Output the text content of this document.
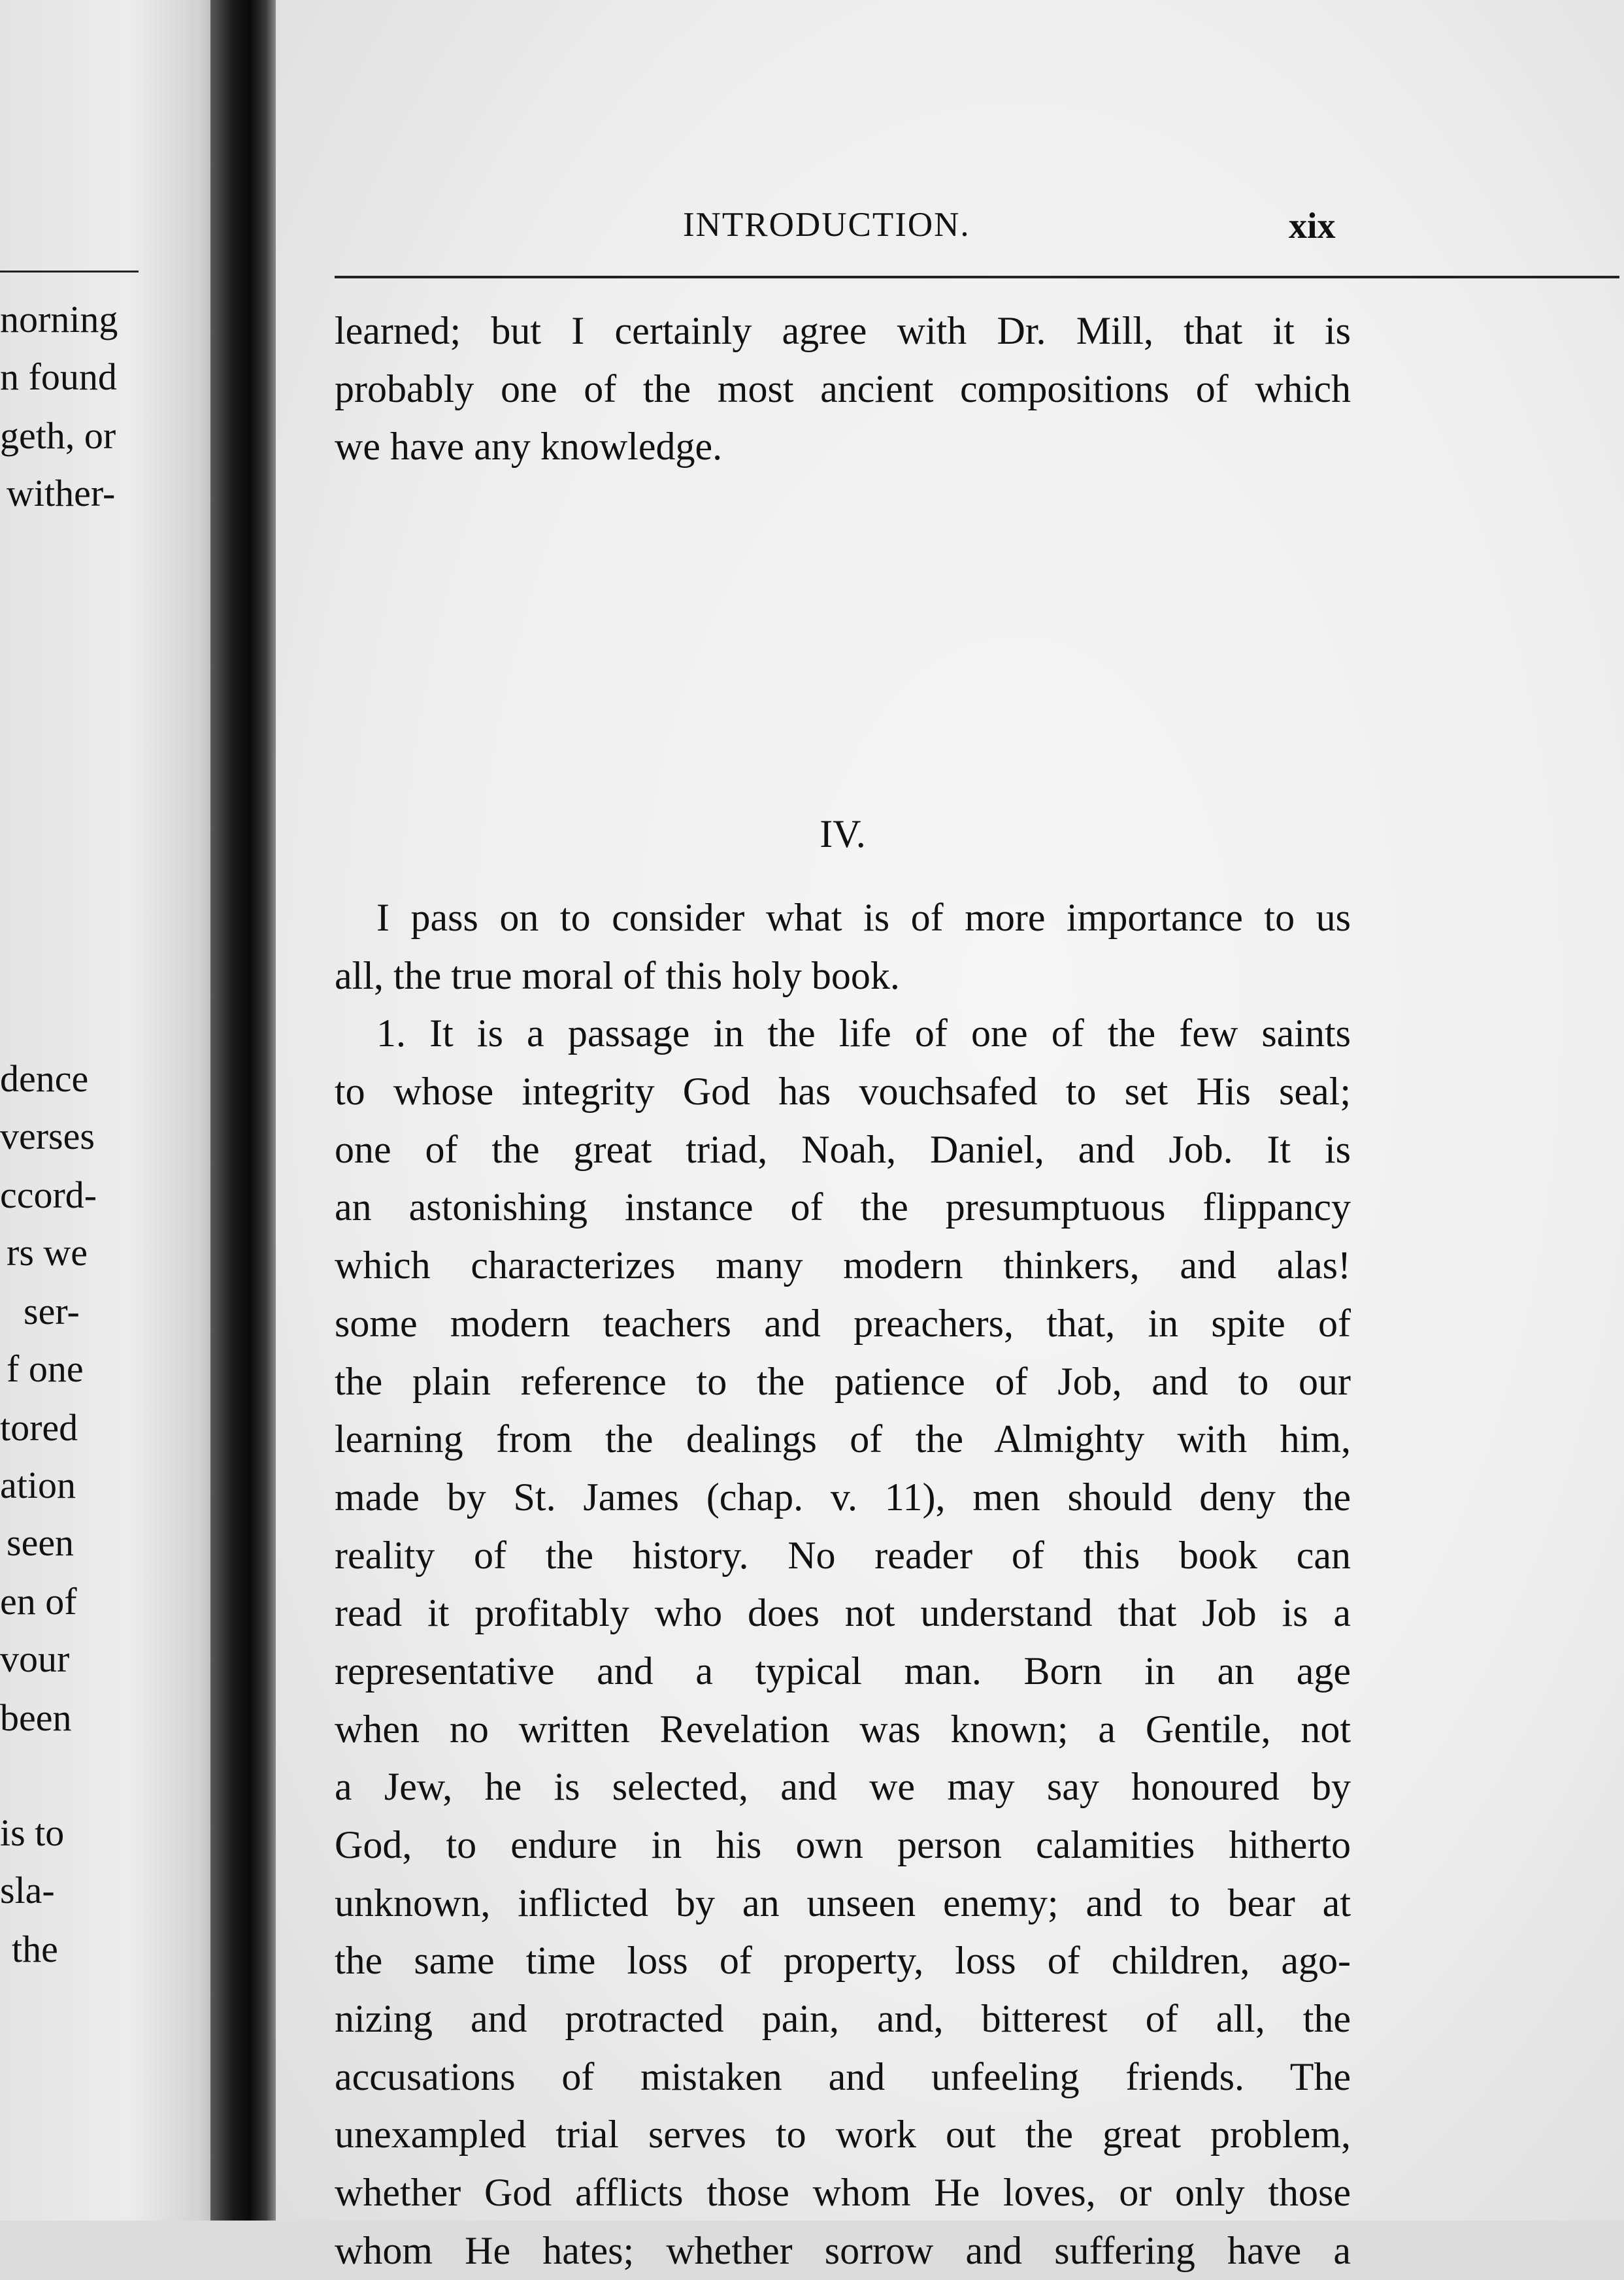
norning
n found
geth, or
wither-
dence
verses
ccord-
rs we
ser-
f one
tored
ation
seen
en of
vour
been
is to
sla-
the
INTRODUCTION.	xix
learned; but I certainly agree with Dr. Mill, that it is
probably one of the most ancient compositions of which
we have any knowledge.
IV.
I pass on to consider what is of more importance to us
all, the true moral of this holy book.
1. It is a passage in the life of one of the few saints
to whose integrity God has vouchsafed to set His seal;
one of the great triad, Noah, Daniel, and Job. It is
an astonishing instance of the presumptuous flippancy
which characterizes many modern thinkers, and alas!
some modern teachers and preachers, that, in spite of
the plain reference to the patience of Job, and to our
learning from the dealings of the Almighty with him,
made by St. James (chap. v. 11), men should deny the
reality of the history. No reader of this book can
read it profitably who does not understand that Job is a
representative and a typical man. Born in an age
when no written Revelation was known; a Gentile, not
a Jew, he is selected, and we may say honoured by
God, to endure in his own person calamities hitherto
unknown, inflicted by an unseen enemy; and to bear at
the same time loss of property, loss of children, ago-
nizing and protracted pain, and, bitterest of all, the
accusations of mistaken and unfeeling friends. The
unexampled trial serves to work out the great problem,
whether God afflicts those whom He loves, or only those
whom He hates; whether sorrow and suffering have a
